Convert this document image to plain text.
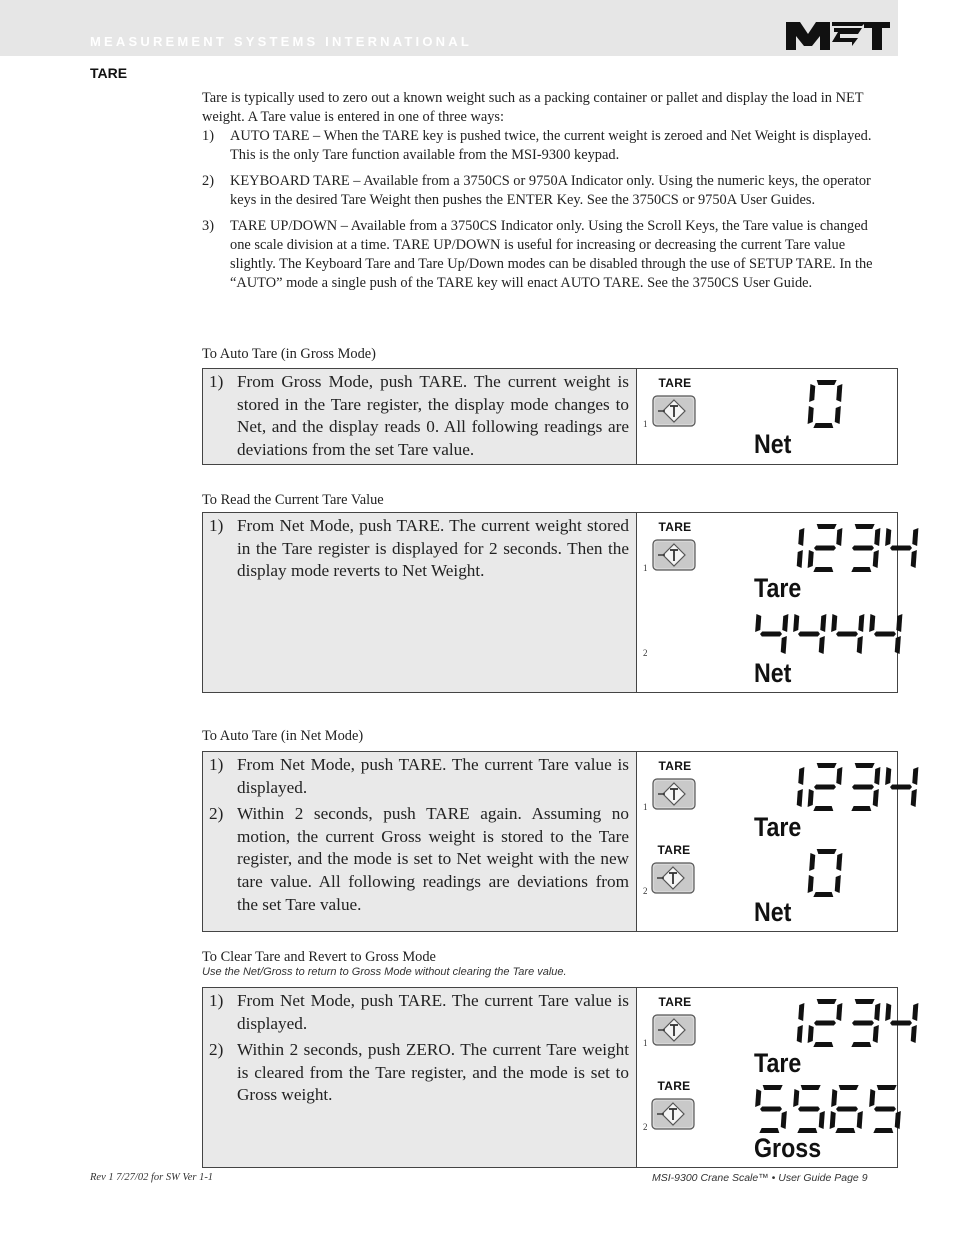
MEASUREMENT SYSTEMS INTERNATIONAL
TARE

Tare is typically used to zero out a known weight such as a packing container or pallet and display the load in NET weight. A Tare value is entered in one of three ways:

1) AUTO TARE – When the TARE key is pushed twice, the current weight is zeroed and Net Weight is displayed. This is the only Tare function available from the MSI-9300 keypad.
2) KEYBOARD TARE – Available from a 3750CS or 9750A Indicator only. Using the numeric keys, the operator keys in the desired Tare Weight then pushes the ENTER Key. See the 3750CS or 9750A User Guides.
3) TARE UP/DOWN – Available from a 3750CS Indicator only. Using the Scroll Keys, the Tare value is changed one scale division at a time. TARE UP/DOWN is useful for increasing or decreasing the current Tare value slightly. The Keyboard Tare and Tare Up/Down modes can be disabled through the use of SETUP TARE. In the “AUTO” mode a single push of the TARE key will enact AUTO TARE. See the 3750CS User Guide.
To Auto Tare (in Gross Mode)
1) From Gross Mode, push TARE. The current weight is stored in the Tare register, the display mode changes to Net, and the display reads 0. All following readings are deviations from the set Tare value.
TARE
1
Net
To Read the Current Tare Value
1) From Net Mode, push TARE. The current weight stored in the Tare register is displayed for 2 seconds. Then the display mode reverts to Net Weight.
TARE
1
2
Tare
Net
To Auto Tare (in Net Mode)
1) From Net Mode, push TARE. The current Tare value is displayed.
2) Within 2 seconds, push TARE again. Assuming no motion, the current Gross weight is stored to the Tare register, and the mode is set to Net weight with the new tare value. All following readings are deviations from the set Tare value.
TARE
1
TARE
2
Tare
Net
To Clear Tare and Revert to Gross Mode
Use the Net/Gross to return to Gross Mode without clearing the Tare value.
1) From Net Mode, push TARE. The current Tare value is displayed.
2) Within 2 seconds, push ZERO. The current Tare weight is cleared from the Tare register, and the mode is set to Gross weight.
TARE
1
TARE
2
Tare
Gross
Rev 1 7/27/02 for SW Ver 1-1	MSI-9300 Crane Scale™ • User Guide Page 9
